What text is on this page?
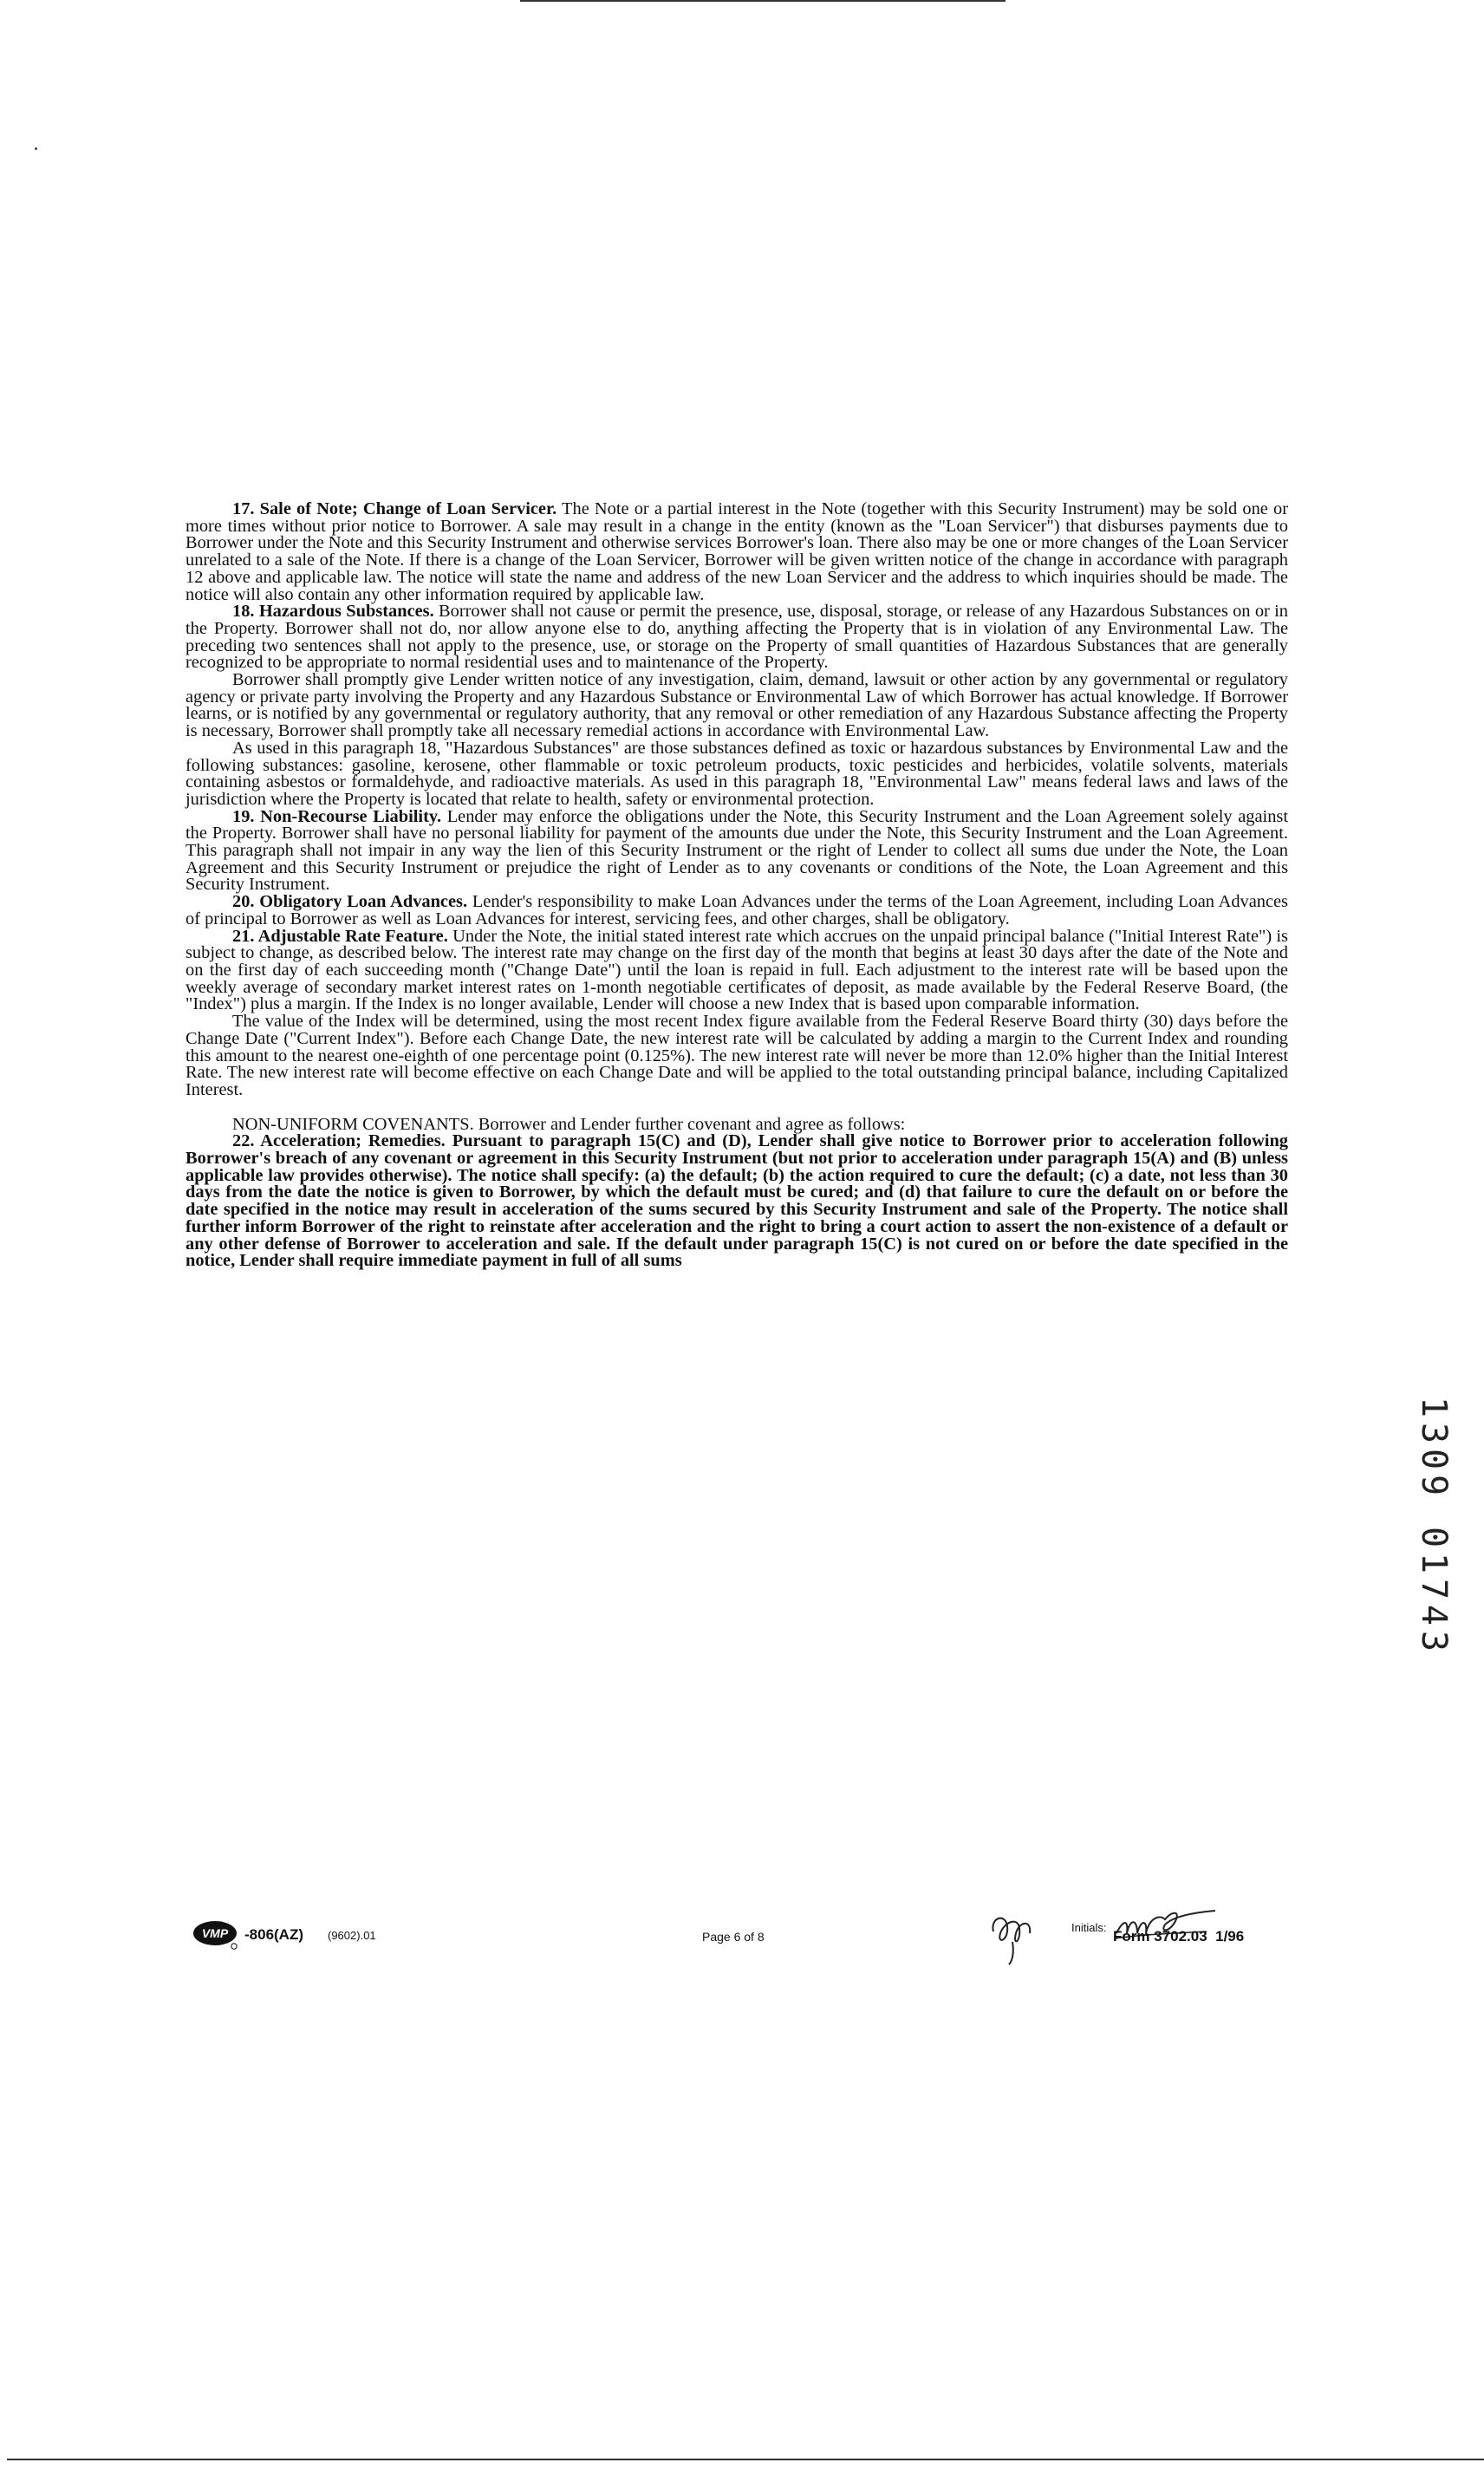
17. Sale of Note; Change of Loan Servicer. The Note or a partial interest in the Note (together with this Security Instrument) may be sold one or more times without prior notice to Borrower. A sale may result in a change in the entity (known as the "Loan Servicer") that disburses payments due to Borrower under the Note and this Security Instrument and otherwise services Borrower's loan. There also may be one or more changes of the Loan Servicer unrelated to a sale of the Note. If there is a change of the Loan Servicer, Borrower will be given written notice of the change in accordance with paragraph 12 above and applicable law. The notice will state the name and address of the new Loan Servicer and the address to which inquiries should be made. The notice will also contain any other information required by applicable law.

18. Hazardous Substances. Borrower shall not cause or permit the presence, use, disposal, storage, or release of any Hazardous Substances on or in the Property. Borrower shall not do, nor allow anyone else to do, anything affecting the Property that is in violation of any Environmental Law. The preceding two sentences shall not apply to the presence, use, or storage on the Property of small quantities of Hazardous Substances that are generally recognized to be appropriate to normal residential uses and to maintenance of the Property.

Borrower shall promptly give Lender written notice of any investigation, claim, demand, lawsuit or other action by any governmental or regulatory agency or private party involving the Property and any Hazardous Substance or Environmental Law of which Borrower has actual knowledge. If Borrower learns, or is notified by any governmental or regulatory authority, that any removal or other remediation of any Hazardous Substance affecting the Property is necessary, Borrower shall promptly take all necessary remedial actions in accordance with Environmental Law.

As used in this paragraph 18, "Hazardous Substances" are those substances defined as toxic or hazardous substances by Environmental Law and the following substances: gasoline, kerosene, other flammable or toxic petroleum products, toxic pesticides and herbicides, volatile solvents, materials containing asbestos or formaldehyde, and radioactive materials. As used in this paragraph 18, "Environmental Law" means federal laws and laws of the jurisdiction where the Property is located that relate to health, safety or environmental protection.

19. Non-Recourse Liability. Lender may enforce the obligations under the Note, this Security Instrument and the Loan Agreement solely against the Property. Borrower shall have no personal liability for payment of the amounts due under the Note, this Security Instrument and the Loan Agreement. This paragraph shall not impair in any way the lien of this Security Instrument or the right of Lender to collect all sums due under the Note, the Loan Agreement and this Security Instrument or prejudice the right of Lender as to any covenants or conditions of the Note, the Loan Agreement and this Security Instrument.

20. Obligatory Loan Advances. Lender's responsibility to make Loan Advances under the terms of the Loan Agreement, including Loan Advances of principal to Borrower as well as Loan Advances for interest, servicing fees, and other charges, shall be obligatory.

21. Adjustable Rate Feature. Under the Note, the initial stated interest rate which accrues on the unpaid principal balance ("Initial Interest Rate") is subject to change, as described below. The interest rate may change on the first day of the month that begins at least 30 days after the date of the Note and on the first day of each succeeding month ("Change Date") until the loan is repaid in full. Each adjustment to the interest rate will be based upon the weekly average of secondary market interest rates on 1-month negotiable certificates of deposit, as made available by the Federal Reserve Board, (the "Index") plus a margin. If the Index is no longer available, Lender will choose a new Index that is based upon comparable information.

The value of the Index will be determined, using the most recent Index figure available from the Federal Reserve Board thirty (30) days before the Change Date ("Current Index"). Before each Change Date, the new interest rate will be calculated by adding a margin to the Current Index and rounding this amount to the nearest one-eighth of one percentage point (0.125%). The new interest rate will never be more than 12.0% higher than the Initial Interest Rate. The new interest rate will become effective on each Change Date and will be applied to the total outstanding principal balance, including Capitalized Interest.

NON-UNIFORM COVENANTS. Borrower and Lender further covenant and agree as follows:

22. Acceleration; Remedies. Pursuant to paragraph 15(C) and (D), Lender shall give notice to Borrower prior to acceleration following Borrower's breach of any covenant or agreement in this Security Instrument (but not prior to acceleration under paragraph 15(A) and (B) unless applicable law provides otherwise). The notice shall specify: (a) the default; (b) the action required to cure the default; (c) a date, not less than 30 days from the date the notice is given to Borrower, by which the default must be cured; and (d) that failure to cure the default on or before the date specified in the notice may result in acceleration of the sums secured by this Security Instrument and sale of the Property. The notice shall further inform Borrower of the right to reinstate after acceleration and the right to bring a court action to assert the non-existence of a default or any other defense of Borrower to acceleration and sale. If the default under paragraph 15(C) is not cured on or before the date specified in the notice, Lender shall require immediate payment in full of all sums

1
3
0
9
0
1
7
4
3
VMP -806(AZ) (9602).01	Page 6 of 8
Initials:
Form 3702.03  1/96
